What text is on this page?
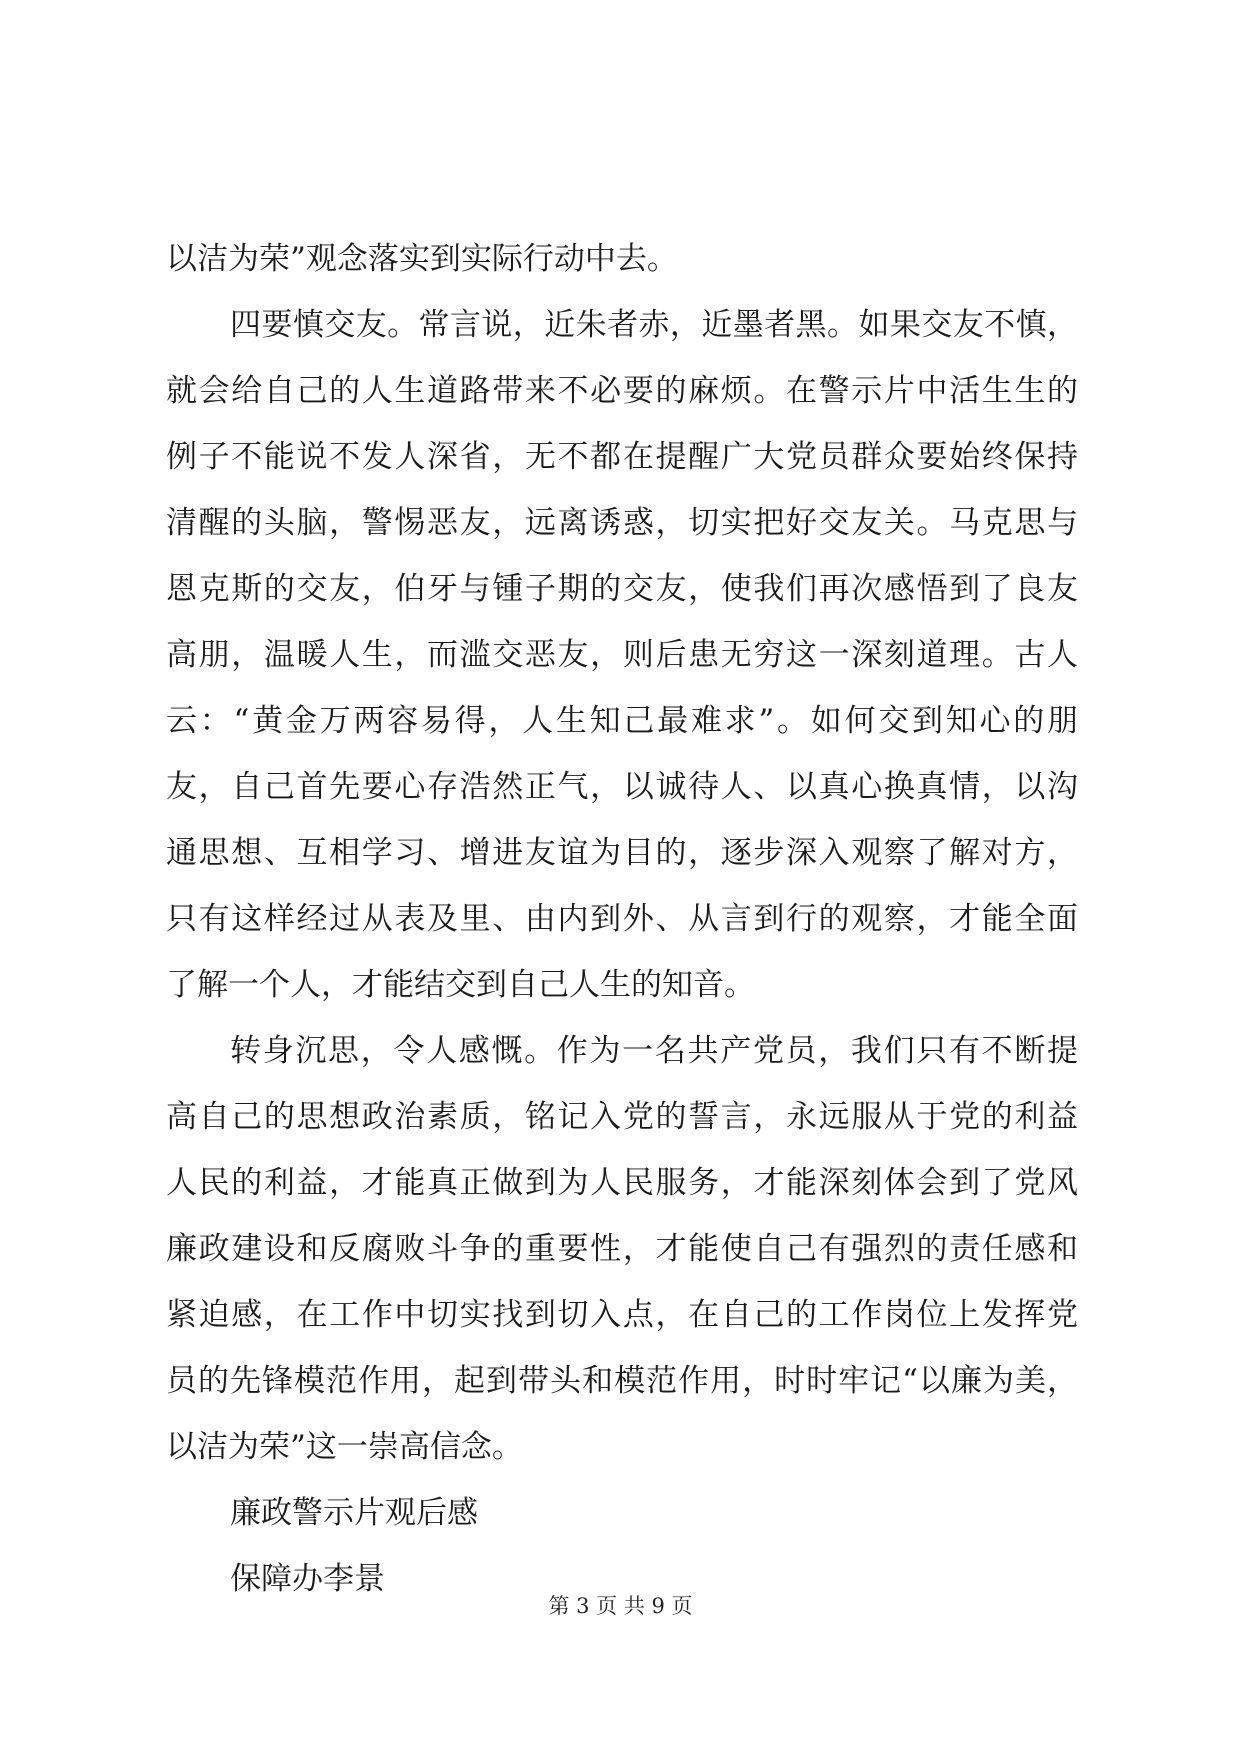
以洁为荣”观念落实到实际行动中去。
四要慎交友。常言说，近朱者赤，近墨者黑。如果交友不慎，
就会给自己的人生道路带来不必要的麻烦。在警示片中活生生的
例子不能说不发人深省，无不都在提醒广大党员群众要始终保持
清醒的头脑，警惕恶友，远离诱惑，切实把好交友关。马克思与
恩克斯的交友，伯牙与锺子期的交友，使我们再次感悟到了良友
高朋，温暖人生，而滥交恶友，则后患无穷这一深刻道理。古人
云：“黄金万两容易得，人生知己最难求”。如何交到知心的朋
友，自己首先要心存浩然正气，以诚待人、以真心换真情，以沟
通思想、互相学习、增进友谊为目的，逐步深入观察了解对方，
只有这样经过从表及里、由内到外、从言到行的观察，才能全面
了解一个人，才能结交到自己人生的知音。
转身沉思，令人感慨。作为一名共产党员，我们只有不断提
高自己的思想政治素质，铭记入党的誓言，永远服从于党的利益
人民的利益，才能真正做到为人民服务，才能深刻体会到了党风
廉政建设和反腐败斗争的重要性，才能使自己有强烈的责任感和
紧迫感，在工作中切实找到切入点，在自己的工作岗位上发挥党
员的先锋模范作用，起到带头和模范作用，时时牢记“以廉为美，
以洁为荣”这一崇高信念。
廉政警示片观后感
保障办李景
第 3 页 共 9 页
